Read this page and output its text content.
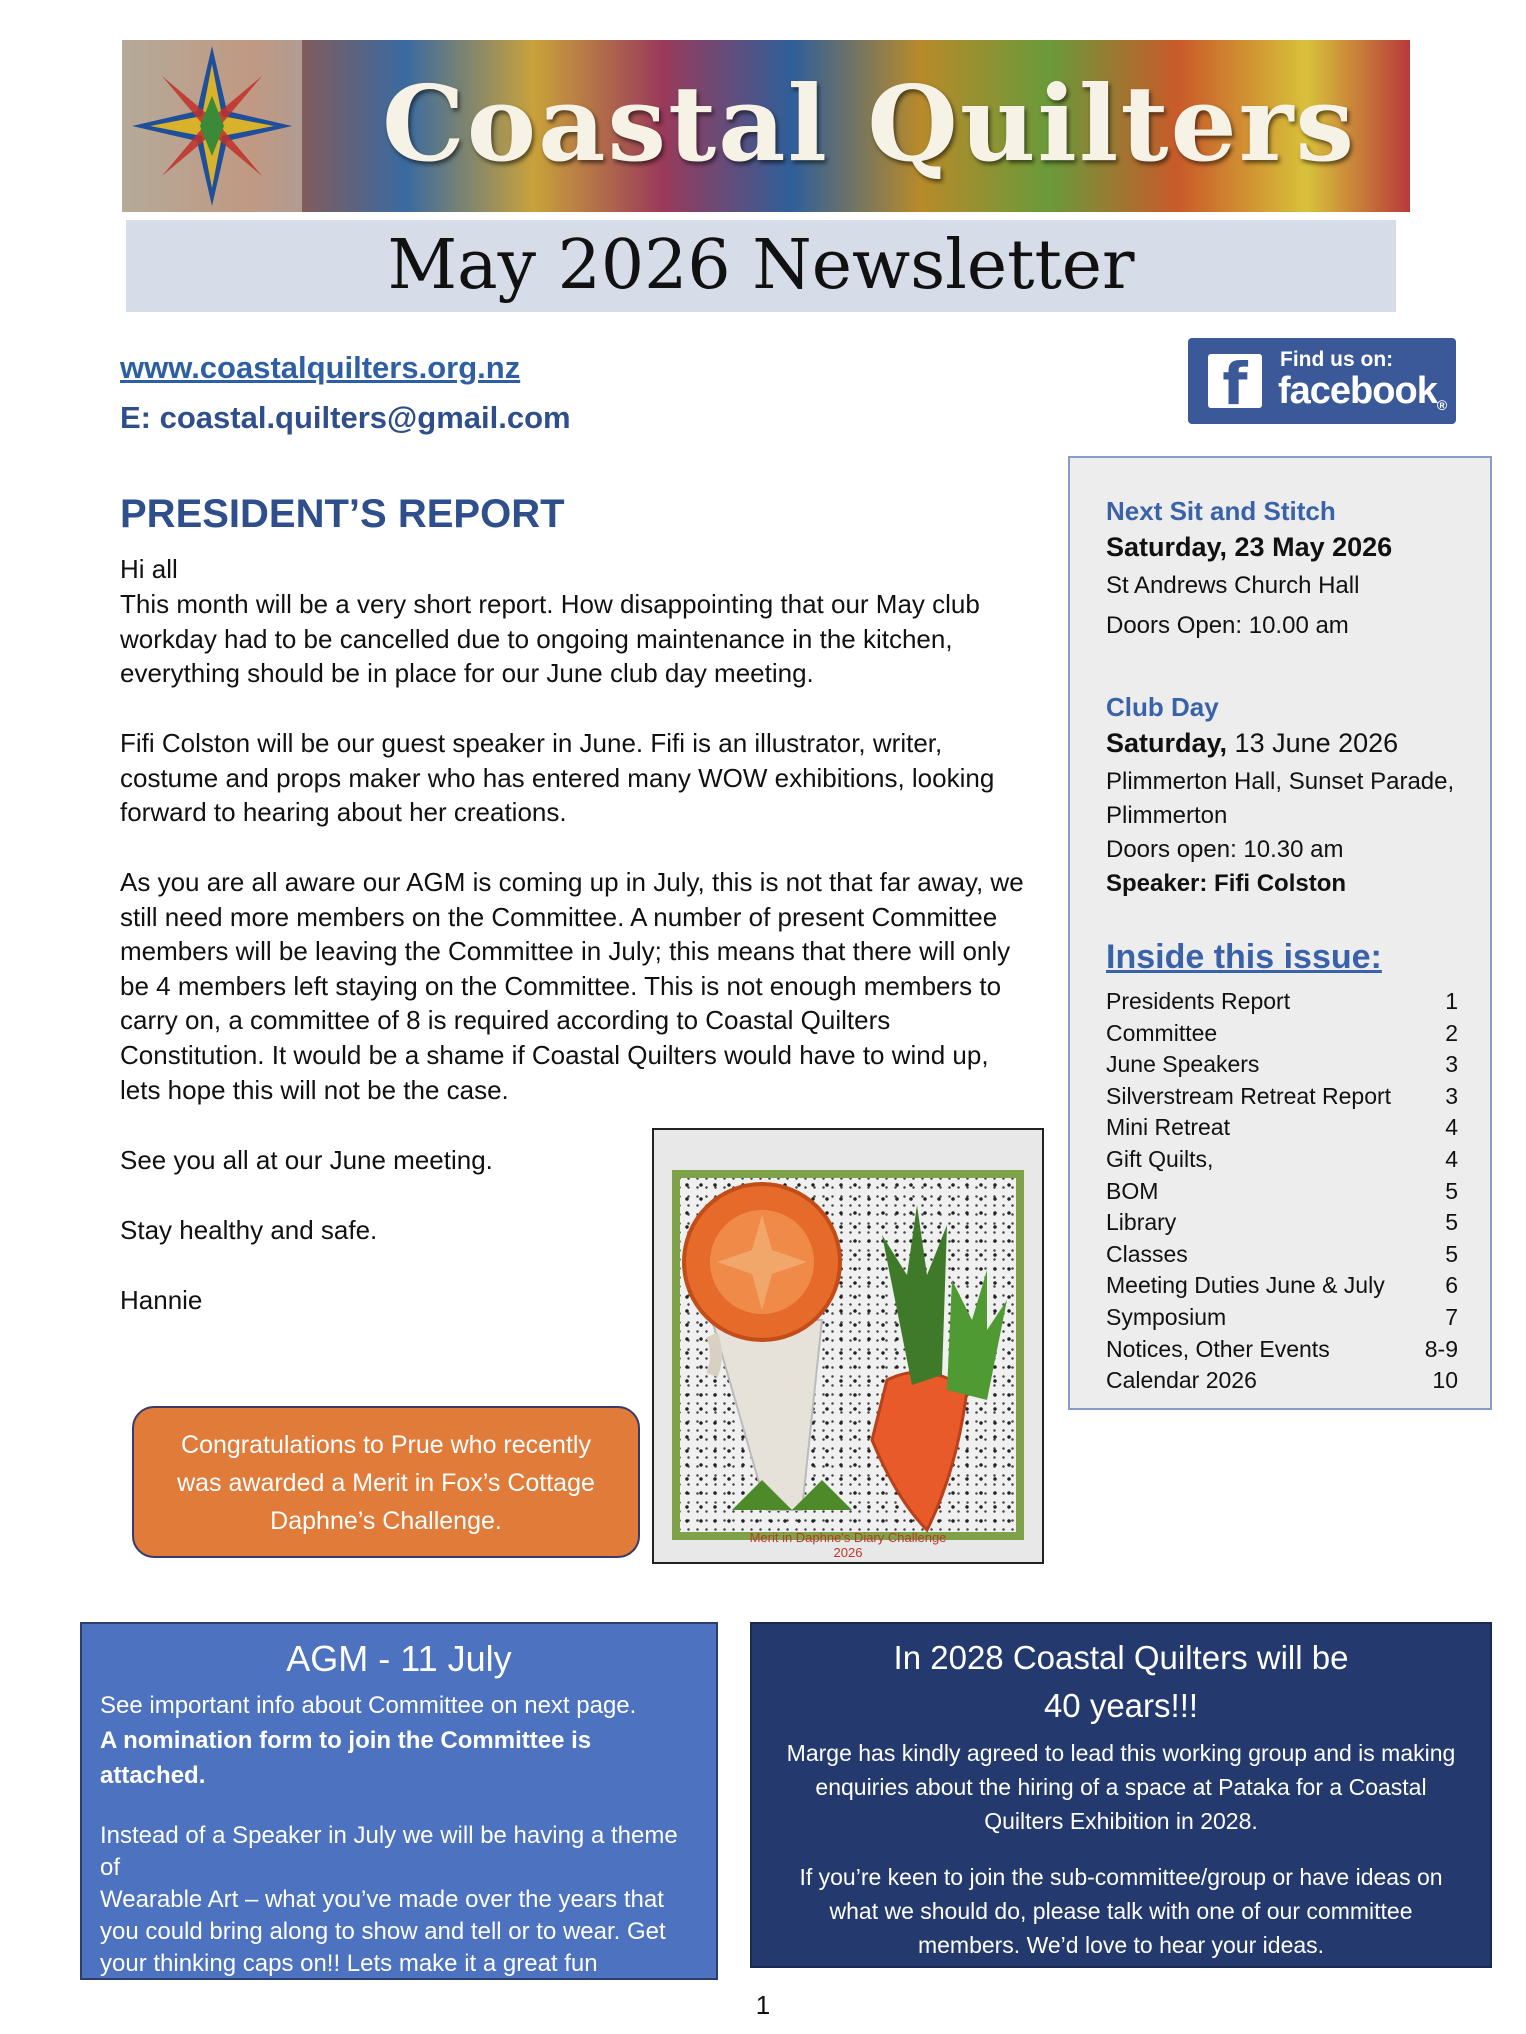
Coastal Quilters
May 2026 Newsletter
www.coastalquilters.org.nz
E: coastal.quilters@gmail.com	f	Find us on:
facebook®
Next Sit and Stitch
Saturday, 23 May 2026
St Andrews Church Hall
Doors Open: 10.00 am
Club Day
Saturday, 13 June 2026
Plimmerton Hall, Sunset Parade,
Plimmerton
Doors open: 10.30 am
Speaker: Fifi Colston
Inside this issue:
Presidents Report	1
Committee	2
June Speakers	3
Silverstream Retreat Report 3
Mini Retreat	4
Gift Quilts,	4
BOM	5
Library	5
Classes	5
Meeting Duties June & July	6
Symposium	7
Notices, Other Events	8-9
Calendar 2026	10
PRESIDENT’S REPORT
Hi all
This month will be a very short report. How disappointing that our May club
workday had to be cancelled due to ongoing maintenance in the kitchen,
everything should be in place for our June club day meeting.
Fifi Colston will be our guest speaker in June. Fifi is an illustrator, writer,
costume and props maker who has entered many WOW exhibitions, looking
forward to hearing about her creations.
As you are all aware our AGM is coming up in July, this is not that far away, we
still need more members on the Committee. A number of present Committee
members will be leaving the Committee in July; this means that there will only
be 4 members left staying on the Committee. This is not enough members to
carry on, a committee of 8 is required according to Coastal Quilters
Constitution. It would be a shame if Coastal Quilters would have to wind up,
lets hope this will not be the case.
See you all at our June meeting.
Stay healthy and safe.
Hannie
Merit in Daphne's Diary Challenge
2026
Congratulations to Prue who recently
was awarded a Merit in Fox’s Cottage
Daphne’s Challenge.
AGM - 11 July
See important info about Committee on next page.
A nomination form to join the Committee is
attached.
Instead of a Speaker in July we will be having a theme of
Wearable Art – what you’ve made over the years that
you could bring along to show and tell or to wear. Get
your thinking caps on!! Lets make it a great fun
afternoon.
In 2028 Coastal Quilters will be
40 years!!!
Marge has kindly agreed to lead this working group and is making
enquiries about the hiring of a space at Pataka for a Coastal
Quilters Exhibition in 2028.
If you’re keen to join the sub-committee/group or have ideas on
what we should do, please talk with one of our committee
members. We’d love to hear your ideas.
1
